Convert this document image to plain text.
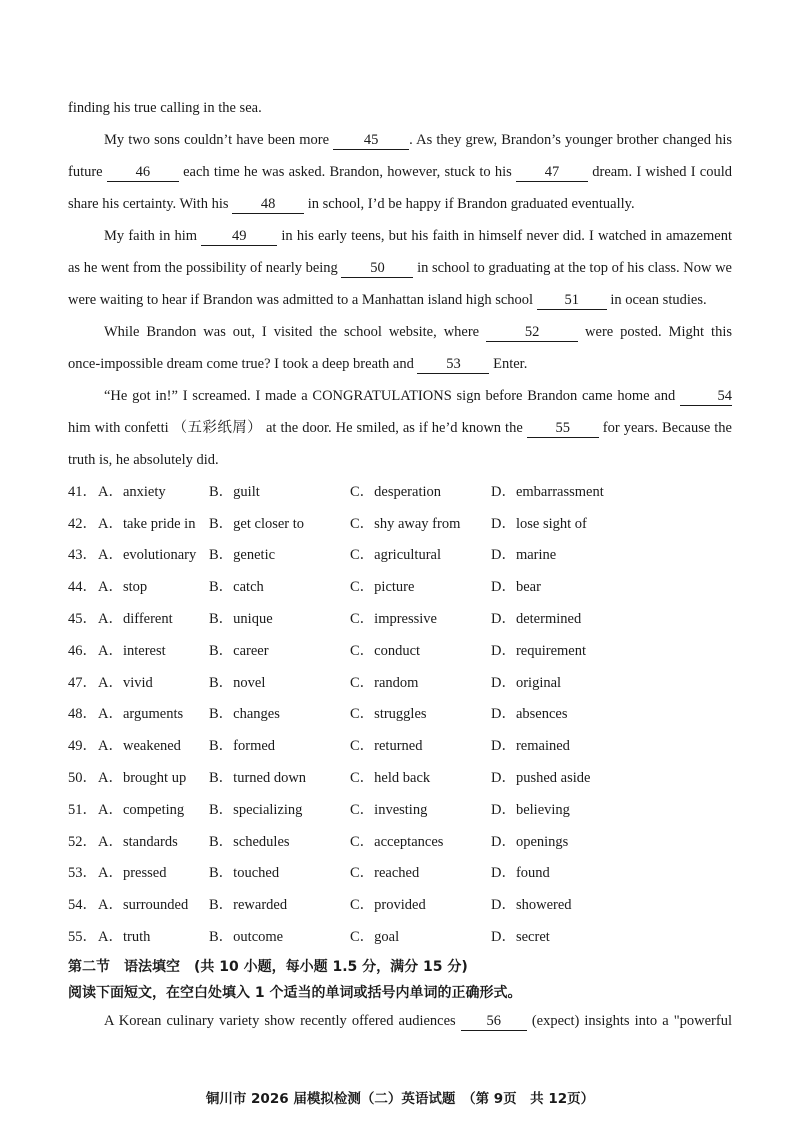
finding his true calling in the sea.
My two sons couldn’t have been more 45 . As they grew, Brandon’s younger brother changed his
future 46 each time he was asked. Brandon, however, stuck to his 47 dream. I wished I could
share his certainty. With his 48 in school, I’d be happy if Brandon graduated eventually.
My faith in him 49 in his early teens, but his faith in himself never did. I watched in amazement
as he went from the possibility of nearly being 50 in school to graduating at the top of his class. Now we
were waiting to hear if Brandon was admitted to a Manhattan island high school 51 in ocean studies.
While Brandon was out, I visited the school website, where	52	were posted. Might this
once-impossible dream come true? I took a deep breath and 53 Enter.
“He got in!” I screamed. I made a CONGRATULATIONS sign before Brandon came home and	54
him with confetti （五彩纸屑） at the door. He smiled, as if he’d known the 55 for years. Because the
truth is, he absolutely did.
41． A．anxiety	B．guilt	C．desperation	D．embarrassment
42． A．take pride in B．get closer to	C．shy away from D．lose sight of
43． A．evolutionary B．genetic	C．agricultural	D．marine
44． A．stop	B．catch	C．picture	D．bear
45． A．different	B．unique	C．impressive	D．determined
46． A．interest	B．career	C．conduct	D．requirement
47． A．vivid	B．novel	C．random	D．original
48． A．arguments B．changes	C．struggles	D．absences
49． A．weakened B．formed	C．returned	D．remained
50． A．brought up B．turned down	C．held back	D．pushed aside
51． A．competing B．specializing	C．investing	D．believing
52． A．standards B．schedules	C．acceptances	D．openings
53． A．pressed	B．touched	C．reached	D．found
54． A．surrounded B．rewarded	C．provided	D．showered
55． A．truth	B．outcome	C．goal	D．secret
第二节　语法填空　(共 10 小题，每小题 1.5 分，满分 15 分)
阅读下面短文，在空白处填入 1 个适当的单词或括号内单词的正确形式。
A Korean culinary variety show recently offered audiences 56 (expect) insights into a "powerful
铜川市 2026 届模拟检测（二）英语试题　（第 9页　共 12页）
